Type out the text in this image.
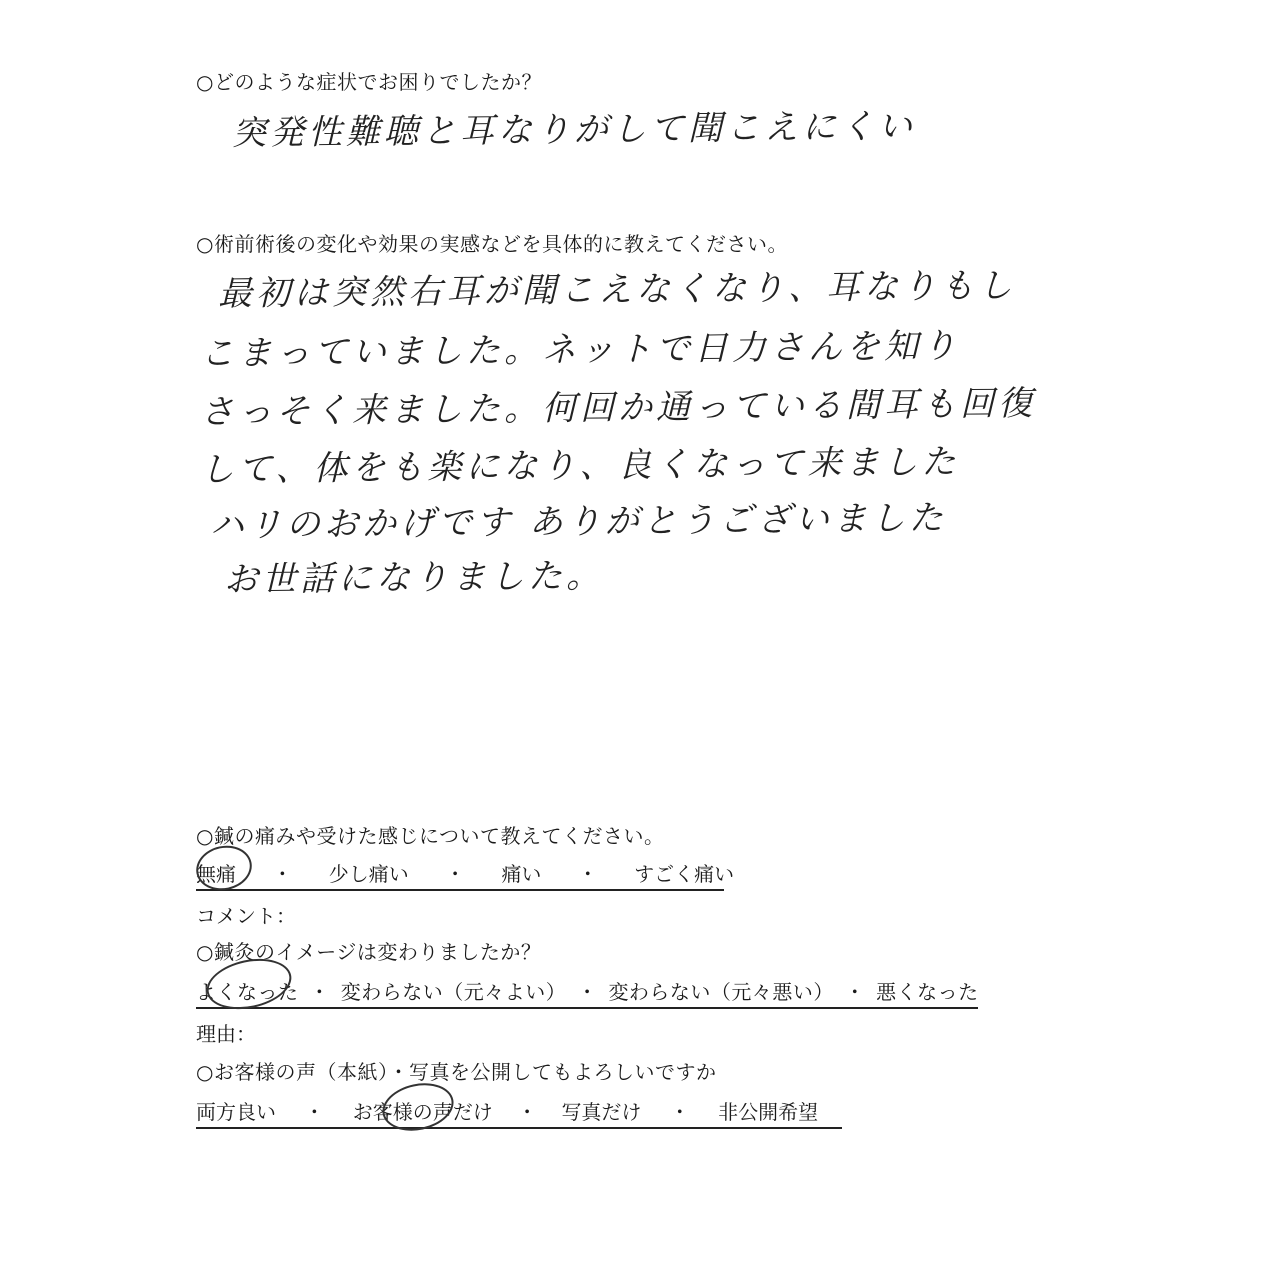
○どのような症状でお困りでしたか？
突発性難聴と耳なりがして聞こえにくい
○術前術後の変化や効果の実感などを具体的に教えてください。
最初は突然右耳が聞こえなくなり、耳なりもし
こまっていました。ネットで日力さんを知り
さっそく来ました。何回か通っている間耳も回復
して、体をも楽になり、良くなって来ました
ハリのおかげです ありがとうございました
お世話になりました。
○鍼の痛みや受けた感じについて教えてください。
無痛 ・ 少し痛い ・ 痛い ・ すごく痛い
コメント：
○鍼灸のイメージは変わりましたか？
よくなった ・ 変わらない（元々よい） ・ 変わらない（元々悪い） ・ 悪くなった
理由：
○お客様の声（本紙）・写真を公開してもよろしいですか
両方良い ・ お客様の声だけ ・ 写真だけ ・ 非公開希望
